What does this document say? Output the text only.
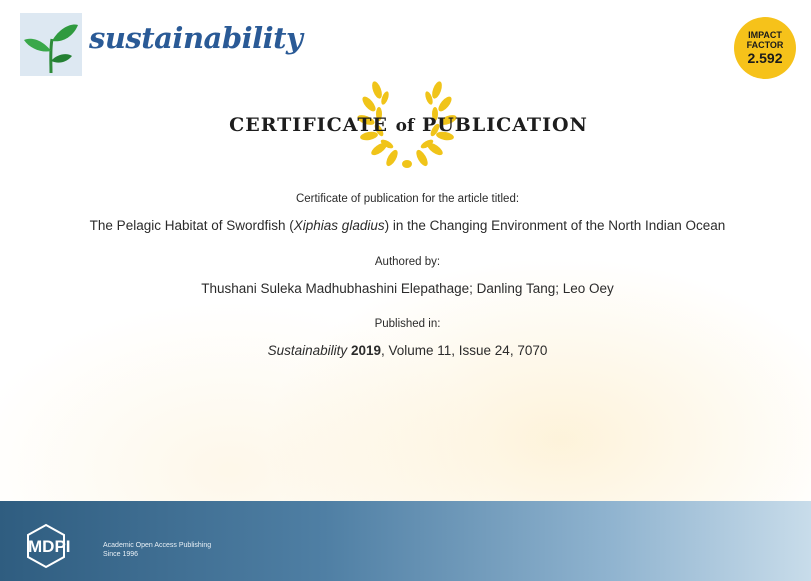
sustainability	IMPACT
FACTOR
2.592
CERTIFICATE of PUBLICATION
Certificate of publication for the article titled:
The Pelagic Habitat of Swordfish (Xiphias gladius) in the Changing Environment of the North Indian Ocean
Authored by:
Thushani Suleka Madhubhashini Elepathage; Danling Tang; Leo Oey
Published in:
Sustainability 2019, Volume 11, Issue 24, 7070
MDPI	Academic Open Access Publishing
Since 1996
